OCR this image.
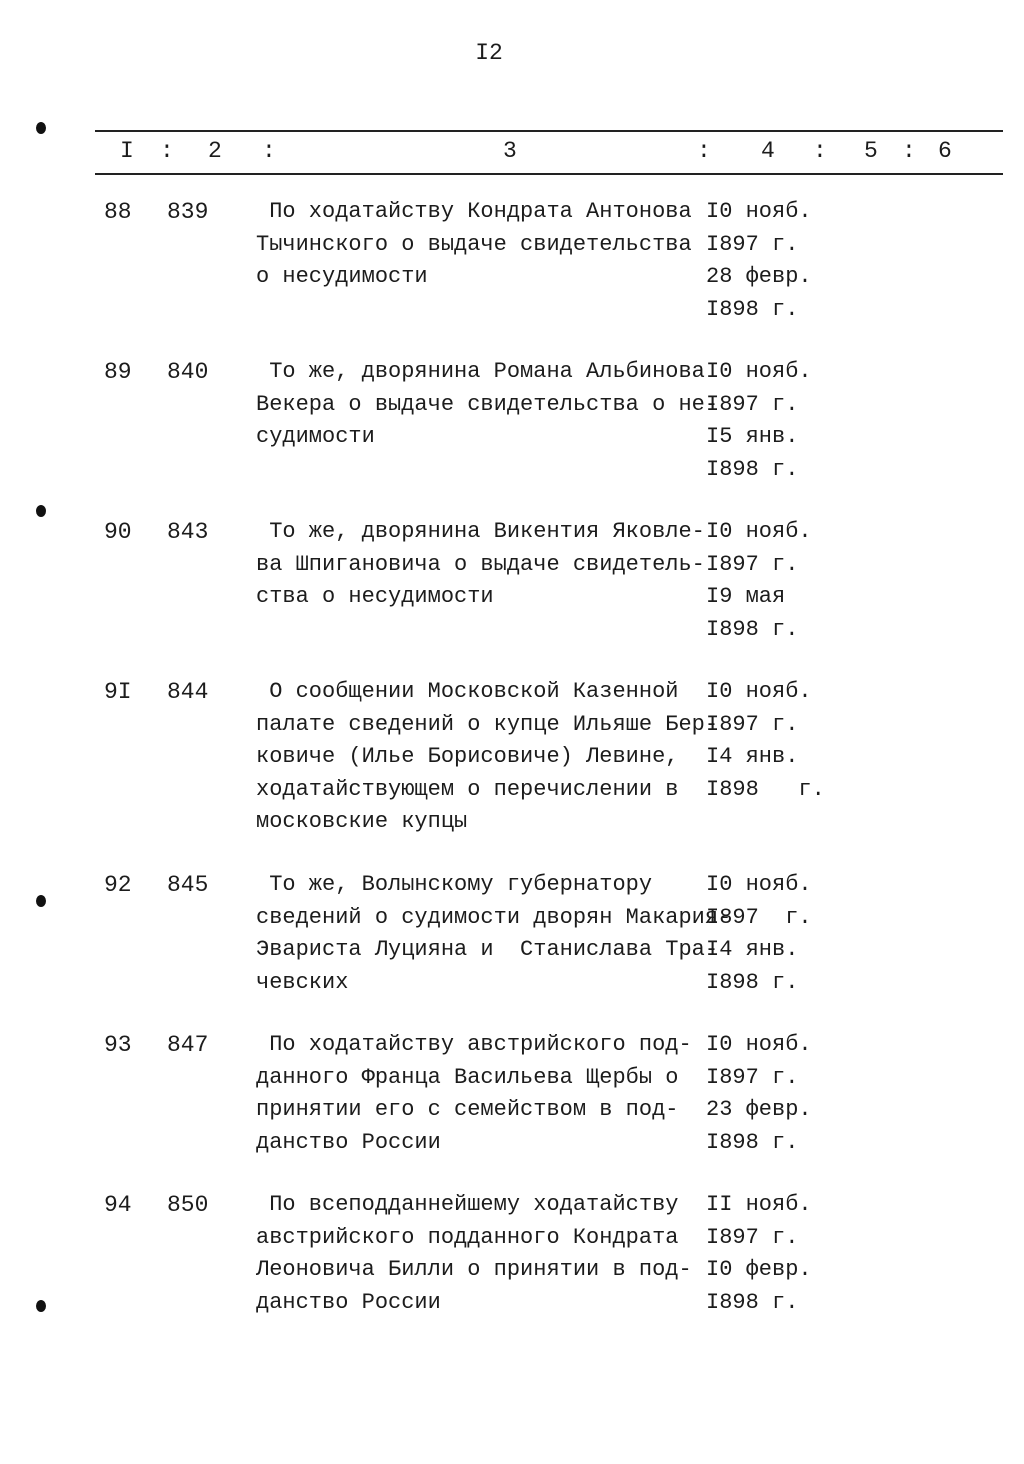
I2
I : 2 :	3	: 4 : 5 : 6
88 839 По ходатайству Кондрата Антонова
Тычинского о выдаче свидетельства
о несудимости
I0 нояб.
I897 г.
28 февр.
I898 г.
89 840 То же, дворянина Романа Альбинова
Векера о выдаче свидетельства о не-
судимости
I0 нояб.
I897 г.
I5 янв.
I898 г.
90 843 То же, дворянина Викентия Яковле-
ва Шпигановича о выдаче свидетель-
ства о несудимости
I0 нояб.
I897 г.
I9 мая
I898 г.
9I 844 О сообщении Московской Казенной
палате сведений о купце Ильяше Бер-
ковиче (Илье Борисовиче) Левине,
ходатайствующем о перечислении в
московские купцы
I0 нояб.
I897 г.
I4 янв.
I898   г.
92 845 То же, Волынскому губернатору
сведений о судимости дворян Макария-
Эвариста Луцияна и  Станислава Тра-
чевских
I0 нояб.
I897  г.
I4 янв.
I898 г.
93 847 По ходатайству австрийского под-
данного Франца Васильева Щербы о
принятии его с семейством в под-
данство России
I0 нояб.
I897 г.
23 февр.
I898 г.
94 850 По всеподданнейшему ходатайству
австрийского подданного Кондрата
Леоновича Билли о принятии в под-
данство России
II нояб.
I897 г.
I0 февр.
I898 г.
